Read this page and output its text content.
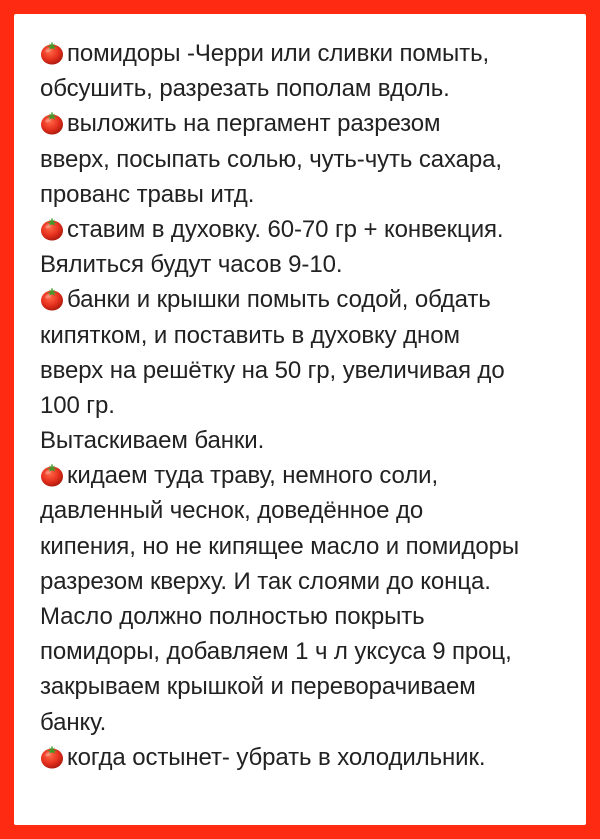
помидоры -Черри или сливки помыть,
обсушить, разрезать пополам вдоль.
выложить на пергамент разрезом
вверх, посыпать солью, чуть-чуть сахара,
прованс травы итд.
ставим в духовку. 60-70 гр + конвекция.
Вялиться будут часов 9-10.
банки и крышки помыть содой, обдать
кипятком, и поставить в духовку дном
вверх на решётку на 50 гр, увеличивая до
100 гр.
Вытаскиваем банки.
кидаем туда траву, немного соли,
давленный чеснок, доведённое до
кипения, но не кипящее масло и помидоры
разрезом кверху. И так слоями до конца.
Масло должно полностью покрыть
помидоры, добавляем 1 ч л уксуса 9 проц,
закрываем крышкой и переворачиваем
банку.
когда остынет- убрать в холодильник.
